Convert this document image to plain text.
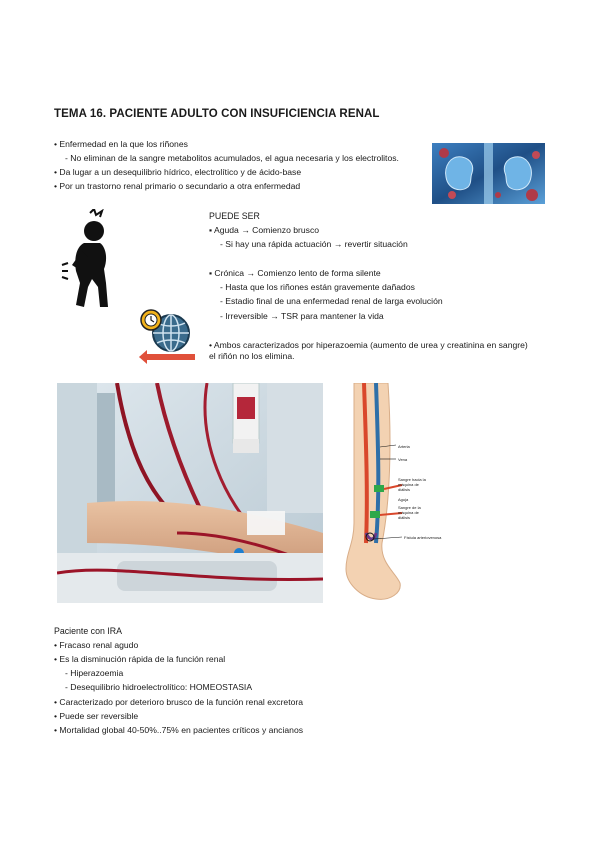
TEMA 16. PACIENTE ADULTO CON INSUFICIENCIA RENAL
• Enfermedad en la que los riñones
- No eliminan de la sangre metabolitos acumulados, el agua necesaria y los electrolitos.
• Da lugar a un desequilibrio hídrico, electrolítico y de ácido-base
• Por un trastorno renal primario o secundario a otra enfermedad
PUEDE SER
▪ Aguda → Comienzo brusco
- Si hay una rápida actuación → revertir situación
▪ Crónica → Comienzo lento de forma silente
- Hasta que los riñones están gravemente dañados
- Estadio final de una enfermedad renal de larga evolución
- Irreversible → TSR para mantener la vida
• Ambos caracterizados por hiperazoemia (aumento de urea y creatinina en sangre) el riñón no los elimina.
Arteria
Vena
Sangre hacia la máquina de diálisis
Aguja
Sangre de la máquina de diálisis
Fístula arteriovenosa
Paciente con IRA
• Fracaso renal agudo
• Es la disminución rápida de la función renal
- Hiperazoemia
- Desequilibrio hidroelectrolítico: HOMEOSTASIA
• Caracterizado por deterioro brusco de la función renal excretora
• Puede ser reversible
• Mortalidad global 40-50%..75% en pacientes críticos y ancianos
